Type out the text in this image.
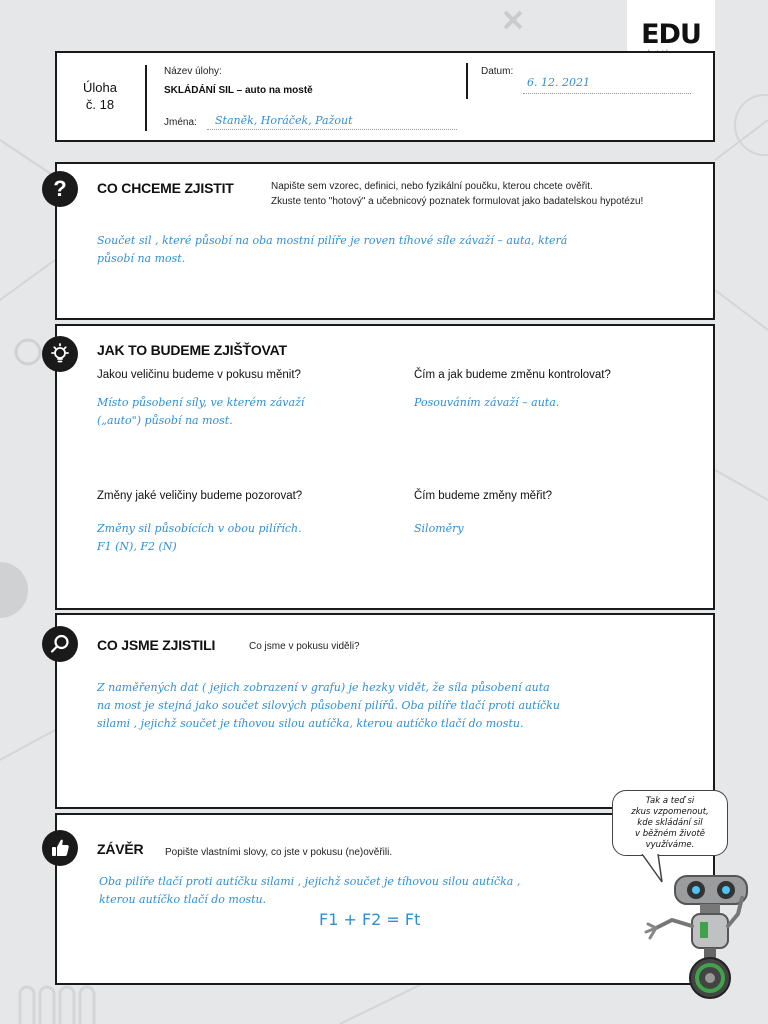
EDU
Úloha
č. 18
Název úlohy:
SKLÁDÁNÍ SIL – auto na mostě
Jména: Staněk, Horáček, Pažout
Datum:
6. 12. 2021
CO CHCEME ZJISTIT	Napište sem vzorec, definici, nebo fyzikální poučku, kterou chcete ověřit.
Zkuste tento "hotový" a učebnicový poznatek formulovat jako badatelskou hypotézu!
Součet sil , které působí na oba mostní pilíře je roven tíhové síle závaží – auta, která
působí na most.
?
JAK TO BUDEME ZJIŠŤOVAT
Jakou veličinu budeme v pokusu měnit?
Místo působení síly, ve kterém závaží
(„auto") působí na most.
Čím a jak budeme změnu kontrolovat?
Posouváním závaží – auta.
Změny jaké veličiny budeme pozorovat?
Změny sil působících v obou pilířích.
F1 (N), F2 (N)
Čím budeme změny měřit?
Siloměry
CO JSME ZJISTILI	Co jsme v pokusu viděli?
Z naměřených dat ( jejich zobrazení v grafu) je hezky vidět, že síla působení auta
na most je stejná jako součet silových působení pilířů. Oba pilíře tlačí proti autíčku
silami , jejichž součet je tíhovou silou autíčka, kterou autíčko tlačí do mostu.
ZÁVĚR Popište vlastními slovy, co jste v pokusu (ne)ověřili.
Oba pilíře tlačí proti autíčku silami , jejichž součet je tíhovou silou autíčka ,
kterou autíčko tlačí do mostu.
F1 + F2 = Ft
Tak a teď si
zkus vzpomenout,
kde skládání sil
v běžném životě
využíváme.
